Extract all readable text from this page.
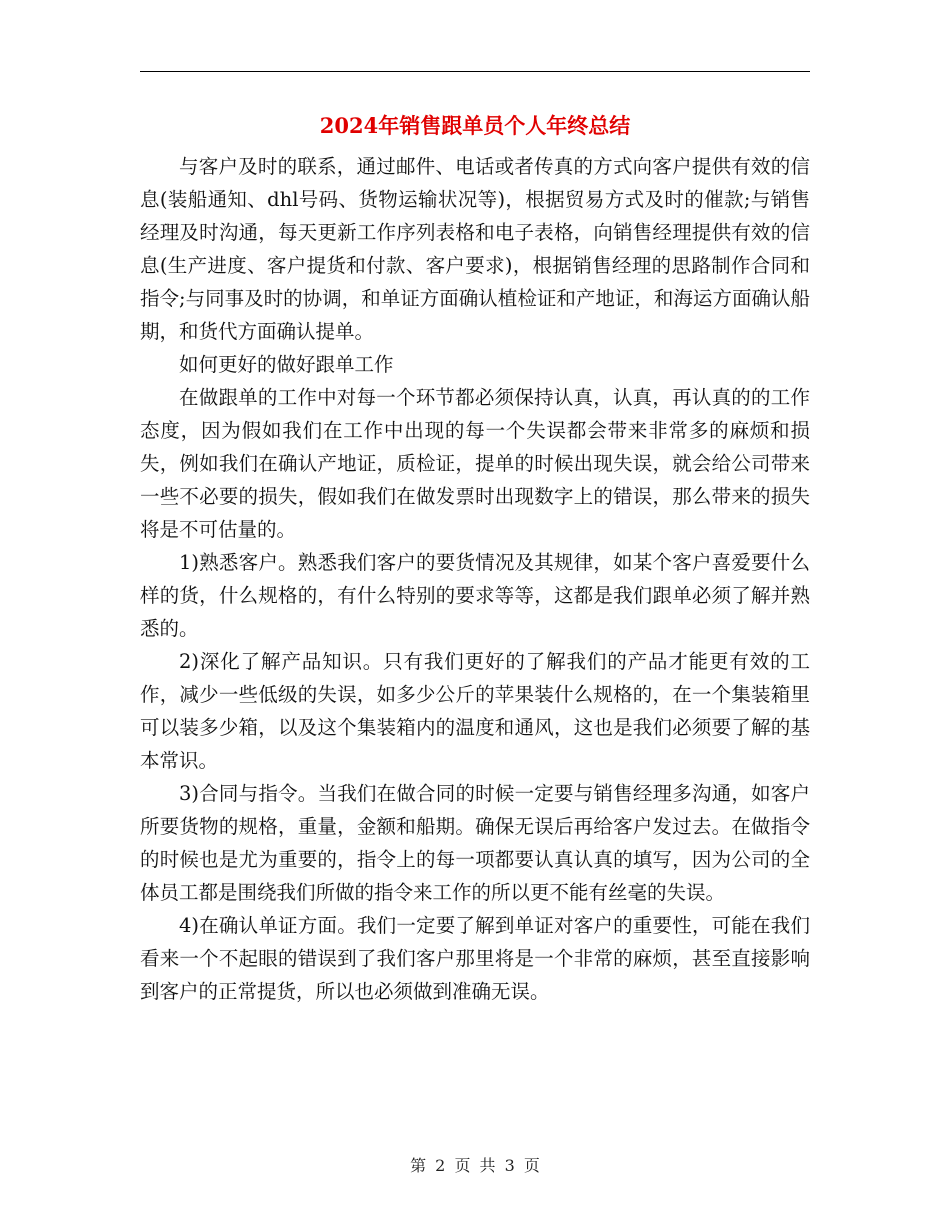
2024年销售跟单员个人年终总结

与客户及时的联系，通过邮件、电话或者传真的方式向客户提供有效的信息(装船通知、dhl号码、货物运输状况等)，根据贸易方式及时的催款;与销售经理及时沟通，每天更新工作序列表格和电子表格，向销售经理提供有效的信息(生产进度、客户提货和付款、客户要求)，根据销售经理的思路制作合同和指令;与同事及时的协调，和单证方面确认植检证和产地证，和海运方面确认船期，和货代方面确认提单。

如何更好的做好跟单工作

在做跟单的工作中对每一个环节都必须保持认真，认真，再认真的的工作态度，因为假如我们在工作中出现的每一个失误都会带来非常多的麻烦和损失，例如我们在确认产地证，质检证，提单的时候出现失误，就会给公司带来一些不必要的损失，假如我们在做发票时出现数字上的错误，那么带来的损失将是不可估量的。

1)熟悉客户。熟悉我们客户的要货情况及其规律，如某个客户喜爱要什么样的货，什么规格的，有什么特别的要求等等，这都是我们跟单必须了解并熟悉的。

2)深化了解产品知识。只有我们更好的了解我们的产品才能更有效的工作，减少一些低级的失误，如多少公斤的苹果装什么规格的，在一个集装箱里可以装多少箱，以及这个集装箱内的温度和通风，这也是我们必须要了解的基本常识。

3)合同与指令。当我们在做合同的时候一定要与销售经理多沟通，如客户所要货物的规格，重量，金额和船期。确保无误后再给客户发过去。在做指令的时候也是尤为重要的，指令上的每一项都要认真认真的填写，因为公司的全体员工都是围绕我们所做的指令来工作的所以更不能有丝毫的失误。

4)在确认单证方面。我们一定要了解到单证对客户的重要性，可能在我们看来一个不起眼的错误到了我们客户那里将是一个非常的麻烦，甚至直接影响到客户的正常提货，所以也必须做到准确无误。

第 2 页 共 3 页
